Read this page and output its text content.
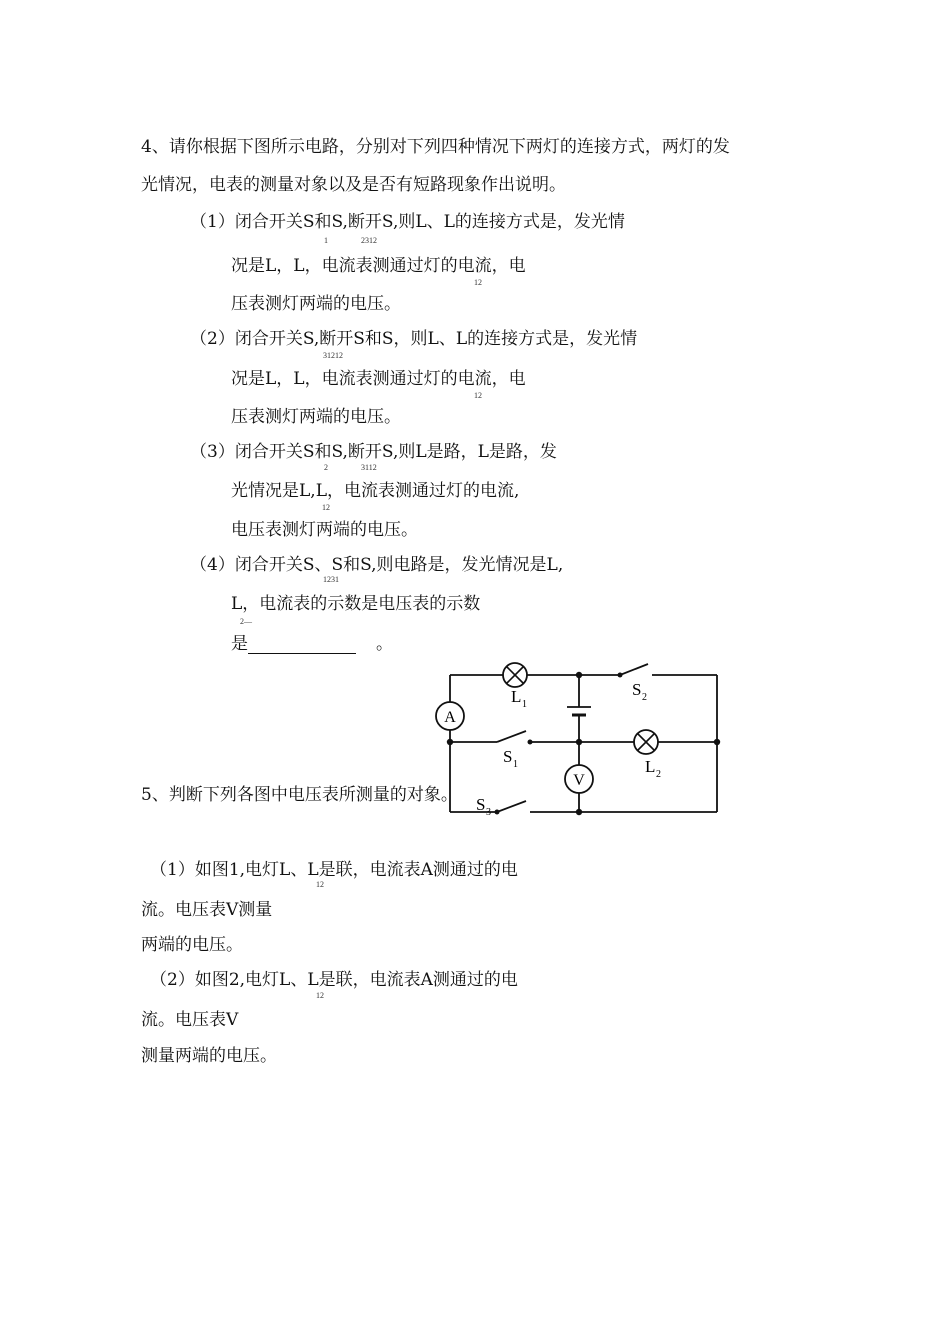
4、请你根据下图所示电路，分别对下列四种情况下两灯的连接方式，两灯的发
光情况，电表的测量对象以及是否有短路现象作出说明。
（1）闭合开关S和S,断开S,则L、L的连接方式是，发光情
1	2312
况是L，L，电流表测通过灯的电流，电
12
压表测灯两端的电压。
（2）闭合开关S,断开S和S，则L、L的连接方式是，发光情
31212
况是L，L，电流表测通过灯的电流，电
12
压表测灯两端的电压。
（3）闭合开关S和S,断开S,则L是路，L是路，发
2	3112
光情况是L,L，电流表测通过灯的电流,
12
电压表测灯两端的电压。
（4）闭合开关S、S和S,则电路是，发光情况是L,
1231
L，电流表的示数是电压表的示数
2—
是	。
A
V
L 1
S 2
S 1	L 2
S 3
5、判断下列各图中电压表所测量的对象。
（1）如图1,电灯L、L是联，电流表A测通过的电
12
流。电压表V测量
两端的电压。
（2）如图2,电灯L、L是联，电流表A测通过的电
12
流。电压表V
测量两端的电压。
